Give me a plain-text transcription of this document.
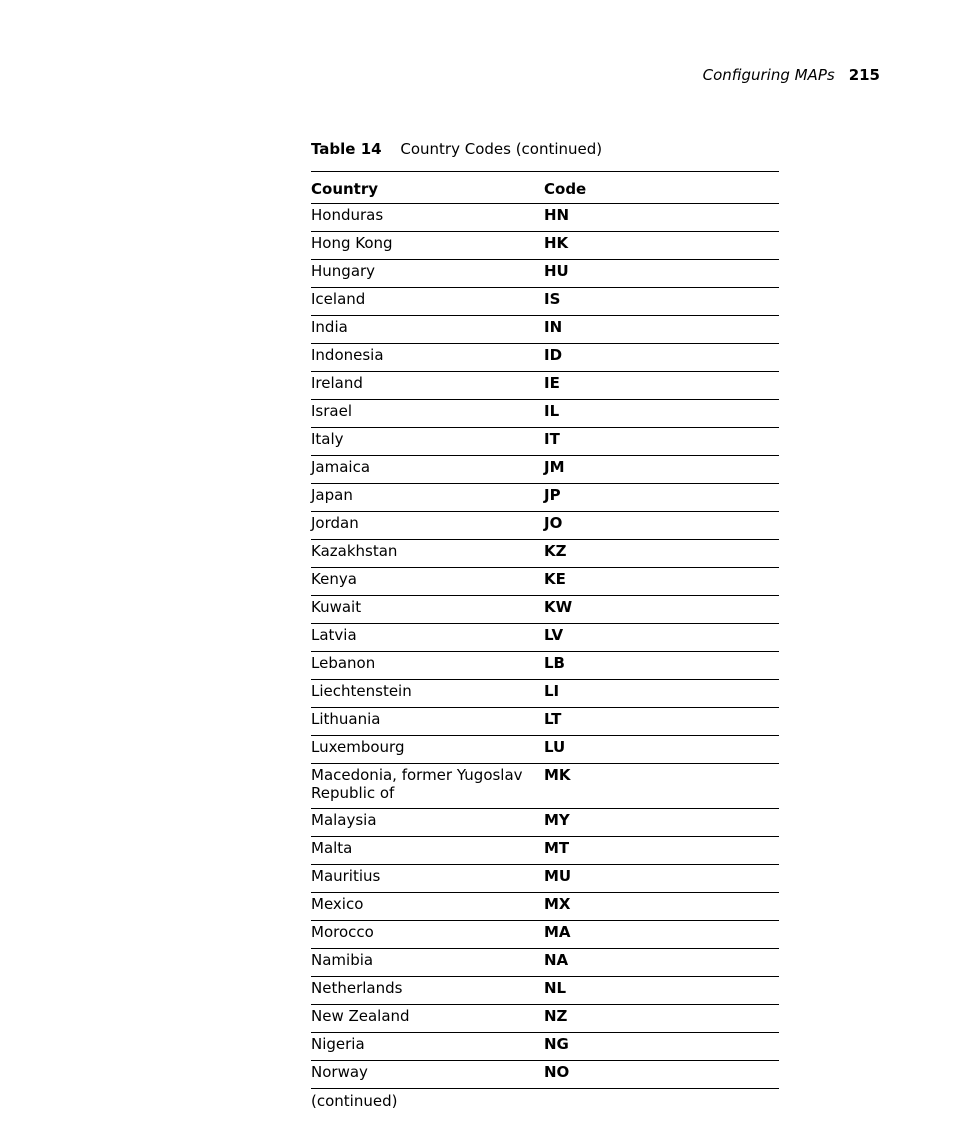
Configuring MAPs 215
Table 14 Country Codes (continued)
Country	Code
Honduras	HN
Hong Kong	HK
Hungary	HU
Iceland	IS
India	IN
Indonesia	ID
Ireland	IE
Israel	IL
Italy	IT
Jamaica	JM
Japan	JP
Jordan	JO
Kazakhstan	KZ
Kenya	KE
Kuwait	KW
Latvia	LV
Lebanon	LB
Liechtenstein	LI
Lithuania	LT
Luxembourg	LU
Macedonia, former Yugoslav Republic of	MK
Malaysia	MY
Malta	MT
Mauritius	MU
Mexico	MX
Morocco	MA
Namibia	NA
Netherlands	NL
New Zealand	NZ
Nigeria	NG
Norway	NO
(continued)
